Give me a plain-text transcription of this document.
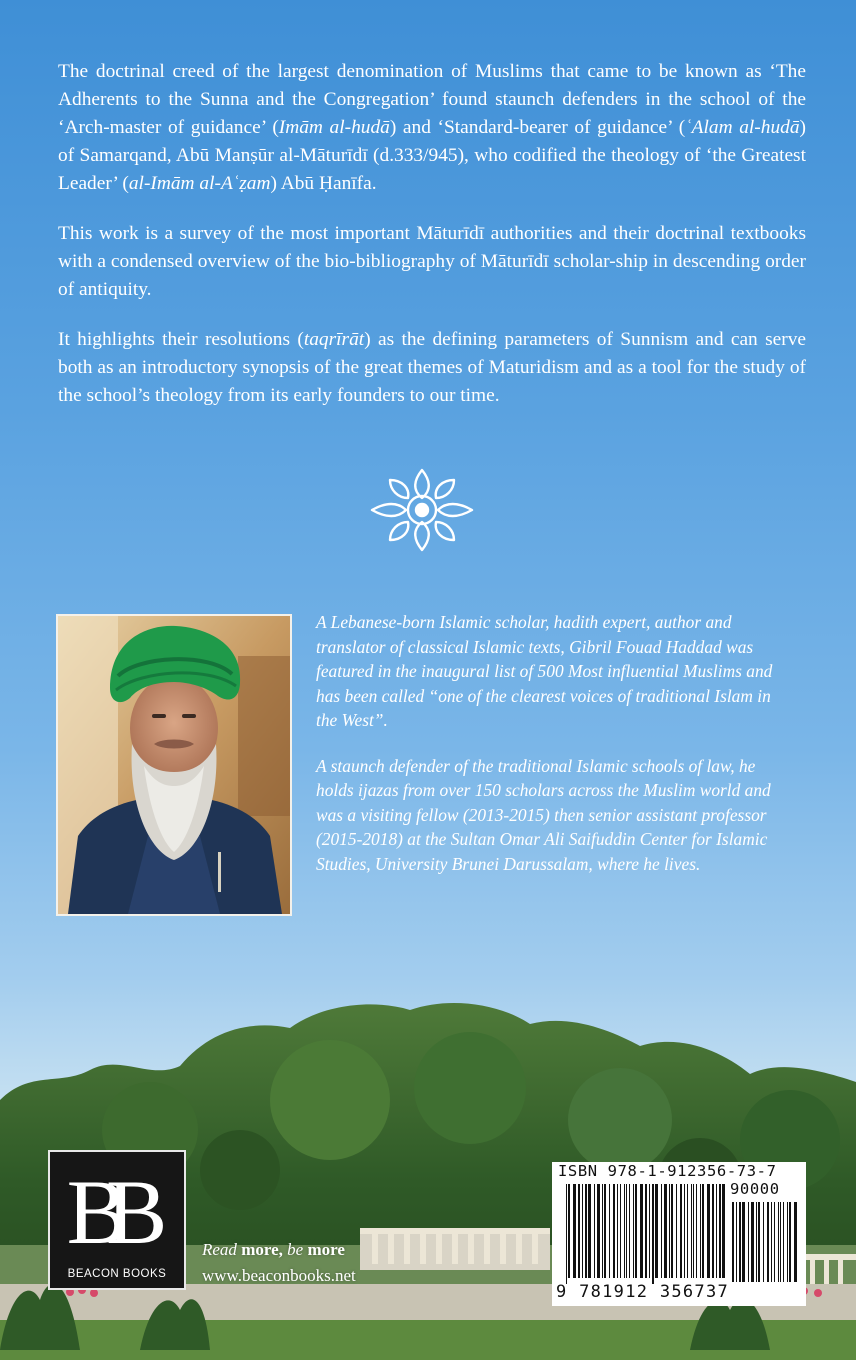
The doctrinal creed of the largest denomination of Muslims that came to be known as ‘The Adherents to the Sunna and the Congregation’ found staunch defenders in the school of the ‘Arch-master of guidance’ (Imām al-hudā) and ‘Standard-bearer of guidance’ (ʿAlam al-hudā) of Samarqand, Abū Manṣūr al-Māturīdī (d.333/945), who codified the theology of ‘the Greatest Leader’ (al-Imām al-Aʿẓam) Abū Ḥanīfa.

This work is a survey of the most important Māturīdī authorities and their doctrinal textbooks with a condensed overview of the bio-bibliography of Māturīdī scholar-ship in descending order of antiquity.

It highlights their resolutions (taqrīrāt) as the defining parameters of Sunnism and can serve both as an introductory synopsis of the great themes of Maturidism and as a tool for the study of the school’s theology from its early founders to our time.

A Lebanese-born Islamic scholar, hadith expert, author and translator of classical Islamic texts, Gibril Fouad Haddad was featured in the inaugural list of 500 Most influential Muslims and has been called “one of the clearest voices of traditional Islam in the West”.

A staunch defender of the traditional Islamic schools of law, he holds ijazas from over 150 scholars across the Muslim world and was a visiting fellow (2013-2015) then senior assistant professor (2015-2018) at the Sultan Omar Ali Saifuddin Center for Islamic Studies, University Brunei Darussalam, where he lives.

BB
BEACON BOOKS
Read more, be more
www.beaconbooks.net
ISBN 978-1-912356-73-7
90000
9 781912 356737
